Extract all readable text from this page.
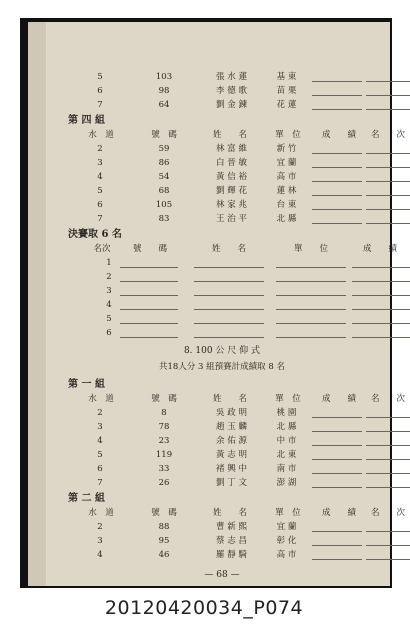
5	103	張 水 蓮	基 東
6	98	李 德 歌	苗 栗
7	64	劉 金 鍊	花 蓮
第 四 組
水　道	號　碼	姓　　名	單　位	成　　績	名　　次
2	59	林 富 維	新 竹
3	86	白 晉 敏	宜 蘭
4	54	黃 信 裕	高 市
5	68	劉 輝 花	蓮 林
6	105	林 家 兆	台 東
7	83	王 治 平	北 縣
決賽取 6 名
名次	號　　碼	姓　　名	單　　位	成　　績
1
2
3
4
5
6
8. 100 公 尺 仰 式
共18人分 3 組預賽計成績取 8 名
第 一 組
水　道	號　碼	姓　　名	單　位	成　　績	名　　次
2	8	吳 政 明	桃 園
3	78	趙 玉 麟	北 縣
4	23	余 佑 源	中 市
5	119	黃 志 明	北 東
6	33	褚 興 中	南 市
7	26	劉 丁 文	澎 湖
第 二 組
水　道	號　碼	姓　　名	單　位	成　　績	名　　次
2	88	曹 新 熙	宜 蘭
3	95	蔡 志 昌	彰 化
4	46	羅 靜 騎	高 市
— 68 —
20120420034_P074
